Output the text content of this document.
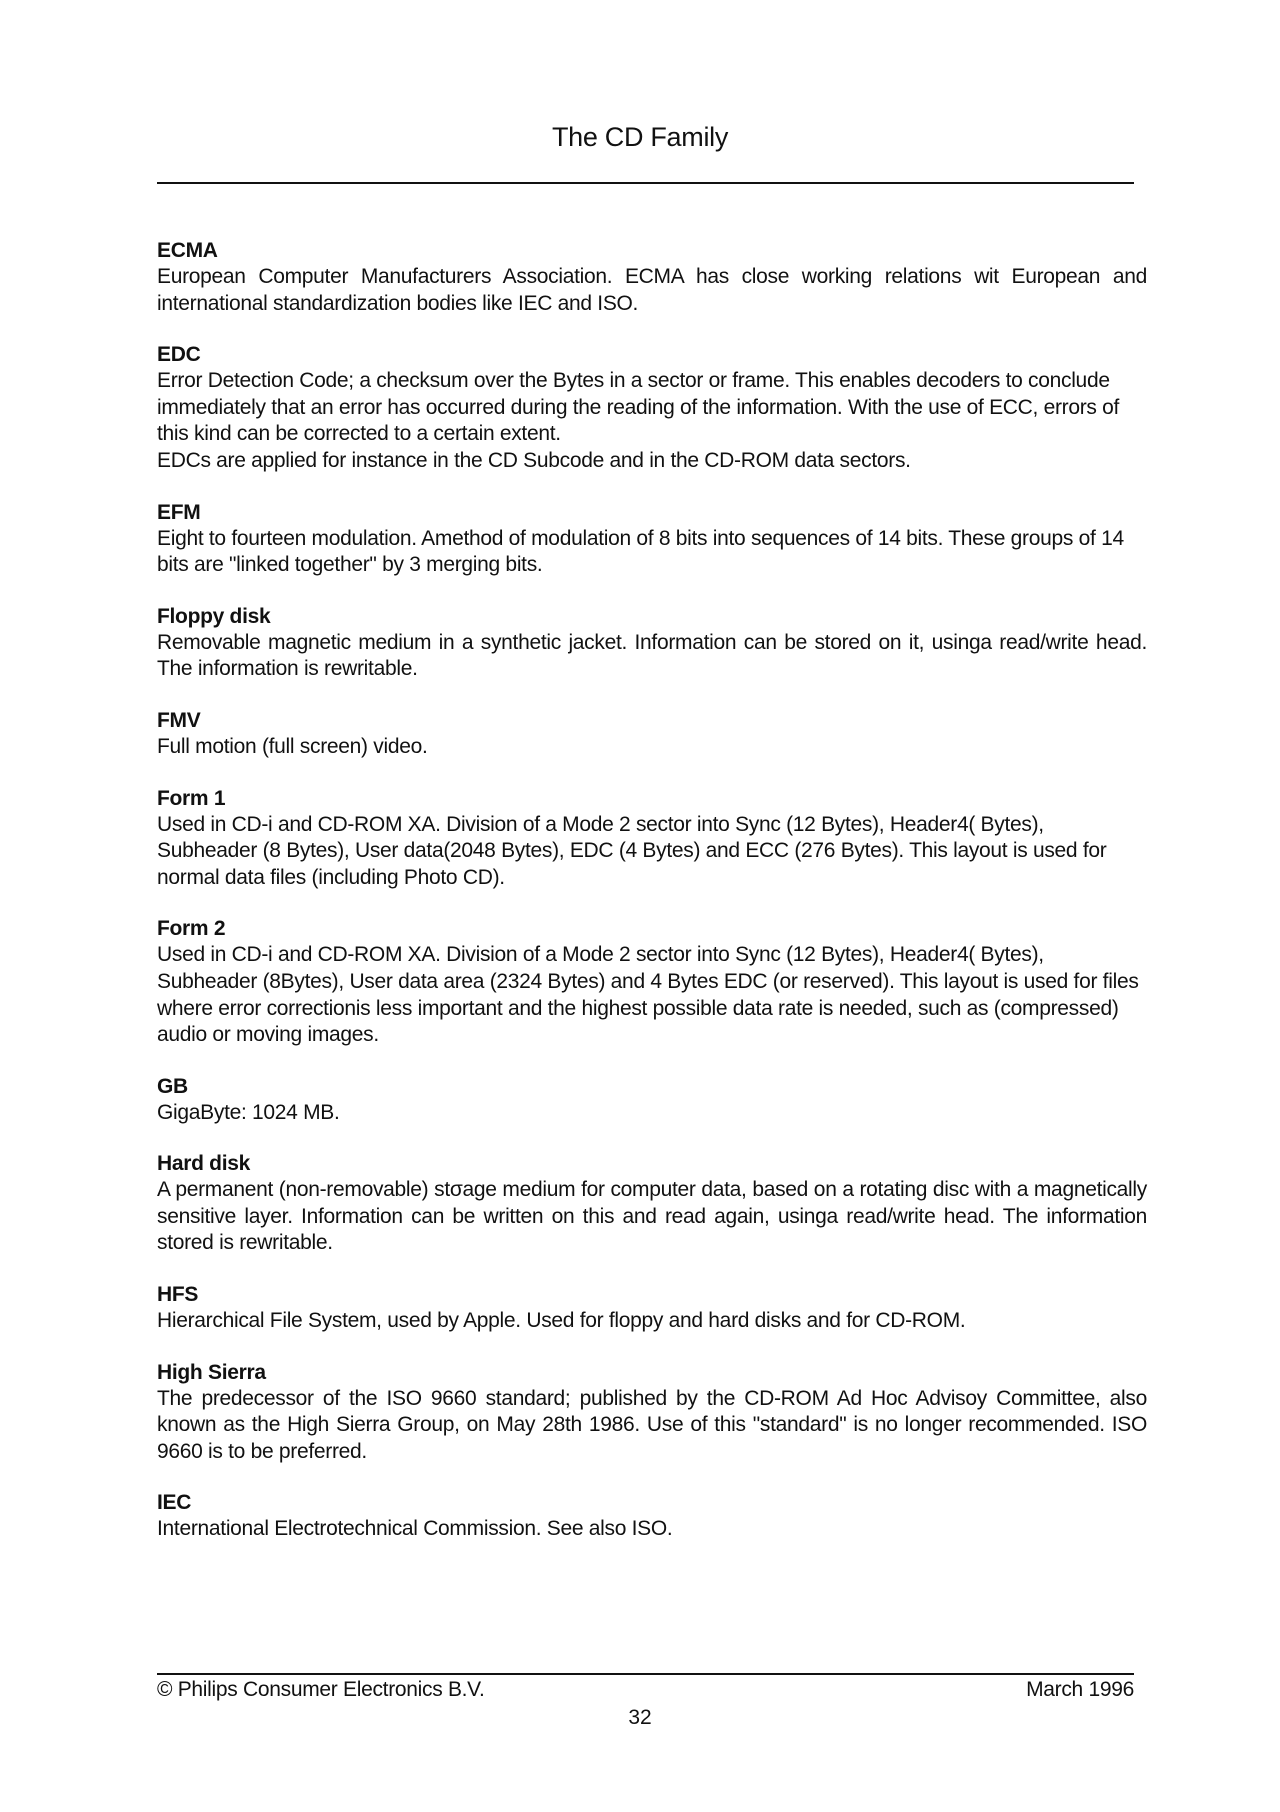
The CD Family
ECMA

European Computer Manufacturers Association. ECMA has close working relations wit European and international standardization bodies like IEC and ISO.

EDC

Error Detection Code; a checksum over the Bytes in a sector or frame. This enables decoders to conclude immediately that an error has occurred during the reading of the information. With the use of ECC, errors of this kind can be corrected to a certain extent.

EDCs are applied for instance in the CD Subcode and in the CD-ROM data sectors.

EFM

Eight to fourteen modulation. Amethod of modulation of 8 bits into sequences of 14 bits. These groups of 14 bits are "linked together" by 3 merging bits.

Floppy disk

Removable magnetic medium in a synthetic jacket. Information can be stored on it, usinga read/write head. The information is rewritable.

FMV

Full motion (full screen) video.

Form 1

Used in CD-i and CD-ROM XA. Division of a Mode 2 sector into Sync (12 Bytes), Header4( Bytes), Subheader (8 Bytes), User data(2048 Bytes), EDC (4 Bytes) and ECC (276 Bytes). This layout is used for normal data files (including Photo CD).

Form 2

Used in CD-i and CD-ROM XA. Division of a Mode 2 sector into Sync (12 Bytes), Header4( Bytes), Subheader (8Bytes), User data area (2324 Bytes) and 4 Bytes EDC (or reserved). This layout is used for files where error correctionis less important and the highest possible data rate is needed, such as (compressed) audio or moving images.

GB

GigaByte: 1024 MB.

Hard disk

A permanent (non-removable) stσage medium for computer data, based on a rotating disc with a magnetically sensitive layer. Information can be written on this and read again, usinga read/write head. The information stored is rewritable.

HFS

Hierarchical File System, used by Apple. Used for floppy and hard disks and for CD-ROM.

High Sierra

The predecessor of the ISO 9660 standard; published by the CD-ROM Ad Hoc Advisoy Committee, also known as the High Sierra Group, on May 28th 1986. Use of this "standard" is no longer recommended. ISO 9660 is to be preferred.

IEC

International Electrotechnical Commission. See also ISO.

© Philips Consumer Electronics B.V.	March 1996
32
